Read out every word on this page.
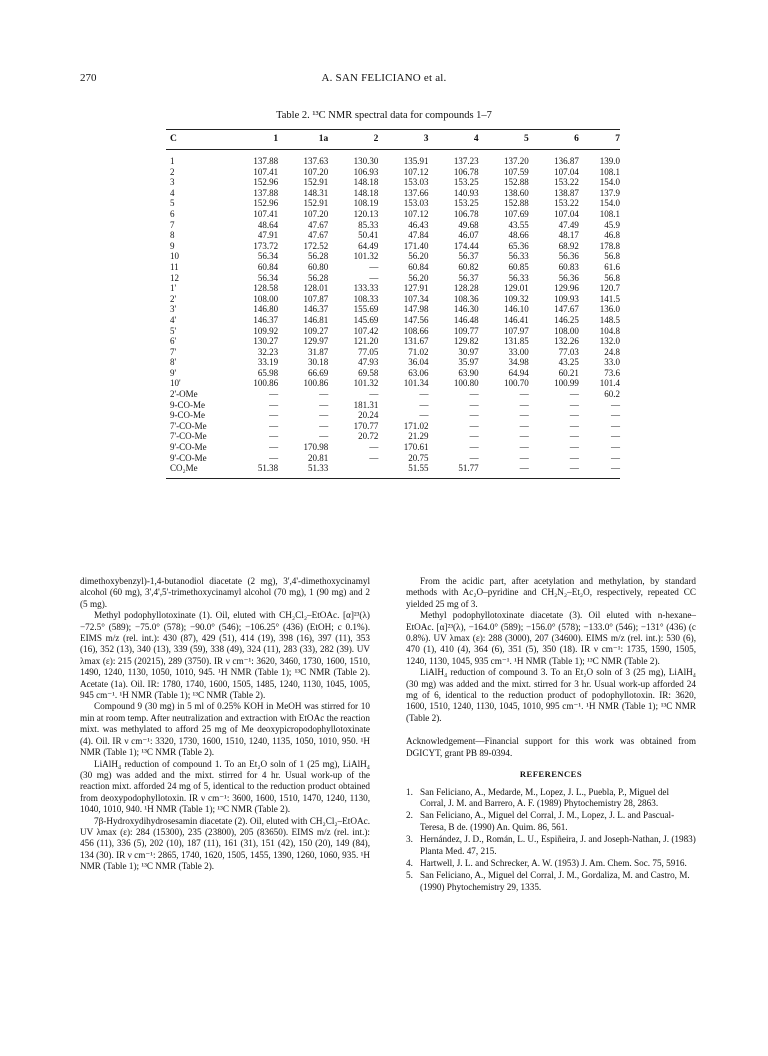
270	A. SAN FELICIANO et al.
Table 2. ¹³C NMR spectral data for compounds 1–7
C	1	1a	2	3	4	5	6	7
1	137.88	137.63	130.30	135.91	137.23	137.20	136.87	139.0
2	107.41	107.20	106.93	107.12	106.78	107.59	107.04	108.1
3	152.96	152.91	148.18	153.03	153.25	152.88	153.22	154.0
4	137.88	148.31	148.18	137.66	140.93	138.60	138.87	137.9
5	152.96	152.91	108.19	153.03	153.25	152.88	153.22	154.0
6	107.41	107.20	120.13	107.12	106.78	107.69	107.04	108.1
7	48.64	47.67	85.33	46.43	49.68	43.55	47.49	45.9
8	47.91	47.67	50.41	47.84	46.07	48.66	48.17	46.8
9	173.72	172.52	64.49	171.40	174.44	65.36	68.92	178.8
10	56.34	56.28	101.32	56.20	56.37	56.33	56.36	56.8
11	60.84	60.80	—	60.84	60.82	60.85	60.83	61.6
12	56.34	56.28	—	56.20	56.37	56.33	56.36	56.8
1'	128.58	128.01	133.33	127.91	128.28	129.01	129.96	120.7
2'	108.00	107.87	108.33	107.34	108.36	109.32	109.93	141.5
3'	146.80	146.37	155.69	147.98	146.30	146.10	147.67	136.0
4'	146.37	146.81	145.69	147.56	146.48	146.41	146.25	148.5
5'	109.92	109.27	107.42	108.66	109.77	107.97	108.00	104.8
6'	130.27	129.97	121.20	131.67	129.82	131.85	132.26	132.0
7'	32.23	31.87	77.05	71.02	30.97	33.00	77.03	24.8
8'	33.19	30.18	47.93	36.04	35.97	34.98	43.25	33.0
9'	65.98	66.69	69.58	63.06	63.90	64.94	60.21	73.6
10'	100.86	100.86	101.32	101.34	100.80	100.70	100.99	101.4
2'-OMe	—	—	—	—	—	—	—	60.2
9-CO-Me	—	—	181.31	—	—	—	—	—
9-CO-Me	—	—	20.24	—	—	—	—	—
7'-CO-Me	—	—	170.77	171.02	—	—	—	—
7'-CO-Me	—	—	20.72	21.29	—	—	—	—
9'-CO-Me	—	170.98	—	170.61	—	—	—	—
9'-CO-Me	—	20.81	—	20.75	—	—	—	—
CO₂Me	51.38	51.33		51.55	51.77	—	—	—

dimethoxybenzyl)-1,4-butanodiol diacetate (2 mg), 3',4'-dimethoxycinamyl alcohol (60 mg), 3',4',5'-trimethoxycinamyl alcohol (70 mg), 1 (90 mg) and 2 (5 mg).

Methyl podophyllotoxinate (1). Oil, eluted with CH₂Cl₂–EtOAc. [α]²³(λ) −72.5° (589); −75.0° (578); −90.0° (546); −106.25° (436) (EtOH; c 0.1%). EIMS m/z (rel. int.): 430 (87), 429 (51), 414 (19), 398 (16), 397 (11), 353 (16), 352 (13), 340 (13), 339 (59), 338 (49), 324 (11), 283 (33), 282 (39). UV λmax (ε): 215 (20215), 289 (3750). IR ν cm⁻¹: 3620, 3460, 1730, 1600, 1510, 1490, 1240, 1130, 1050, 1010, 945. ¹H NMR (Table 1); ¹³C NMR (Table 2). Acetate (1a). Oil. IR: 1780, 1740, 1600, 1505, 1485, 1240, 1130, 1045, 1005, 945 cm⁻¹. ¹H NMR (Table 1); ¹³C NMR (Table 2).

Compound 9 (30 mg) in 5 ml of 0.25% KOH in MeOH was stirred for 10 min at room temp. After neutralization and extraction with EtOAc the reaction mixt. was methylated to afford 25 mg of Me deoxypicropodophyllotoxinate (4). Oil. IR ν cm⁻¹: 3320, 1730, 1600, 1510, 1240, 1135, 1050, 1010, 950. ¹H NMR (Table 1); ¹³C NMR (Table 2).

LiAlH₄ reduction of compound 1. To an Et₂O soln of 1 (25 mg), LiAlH₄ (30 mg) was added and the mixt. stirred for 4 hr. Usual work-up of the reaction mixt. afforded 24 mg of 5, identical to the reduction product obtained from deoxypodophyllotoxin. IR ν cm⁻¹: 3600, 1600, 1510, 1470, 1240, 1130, 1040, 1010, 940. ¹H NMR (Table 1); ¹³C NMR (Table 2).

7β-Hydroxydihydrosesamin diacetate (2). Oil, eluted with CH₂Cl₂–EtOAc. UV λmax (ε): 284 (15300), 235 (23800), 205 (83650). EIMS m/z (rel. int.): 456 (11), 336 (5), 202 (10), 187 (11), 161 (31), 151 (42), 150 (20), 149 (84), 134 (30). IR ν cm⁻¹: 2865, 1740, 1620, 1505, 1455, 1390, 1260, 1060, 935. ¹H NMR (Table 1); ¹³C NMR (Table 2).

From the acidic part, after acetylation and methylation, by standard methods with Ac₂O–pyridine and CH₂N₂–Et₂O, respectively, repeated CC yielded 25 mg of 3.

Methyl podophyllotoxinate diacetate (3). Oil eluted with n-hexane–EtOAc. [α]²³(λ), −164.0° (589); −156.0° (578); −133.0° (546); −131° (436) (c 0.8%). UV λmax (ε): 288 (3000), 207 (34600). EIMS m/z (rel. int.): 530 (6), 470 (1), 410 (4), 364 (6), 351 (5), 350 (18). IR ν cm⁻¹: 1735, 1590, 1505, 1240, 1130, 1045, 935 cm⁻¹. ¹H NMR (Table 1); ¹³C NMR (Table 2).

LiAlH₄ reduction of compound 3. To an Et₂O soln of 3 (25 mg), LiAlH₄ (30 mg) was added and the mixt. stirred for 3 hr. Usual work-up afforded 24 mg of 6, identical to the reduction product of podophyllotoxin. IR: 3620, 1600, 1510, 1240, 1130, 1045, 1010, 995 cm⁻¹. ¹H NMR (Table 1); ¹³C NMR (Table 2).

Acknowledgement—Financial support for this work was obtained from DGICYT, grant PB 89-0394.

REFERENCES
1. San Feliciano, A., Medarde, M., Lopez, J. L., Puebla, P., Miguel del Corral, J. M. and Barrero, A. F. (1989) Phytochemistry 28, 2863.
2. San Feliciano, A., Miguel del Corral, J. M., Lopez, J. L. and Pascual-Teresa, B de. (1990) An. Quim. 86, 561.
3. Hernández, J. D., Román, L. U., Espiñeira, J. and Joseph-Nathan, J. (1983) Planta Med. 47, 215.
4. Hartwell, J. L. and Schrecker, A. W. (1953) J. Am. Chem. Soc. 75, 5916.
5. San Feliciano, A., Miguel del Corral, J. M., Gordaliza, M. and Castro, M. (1990) Phytochemistry 29, 1335.
